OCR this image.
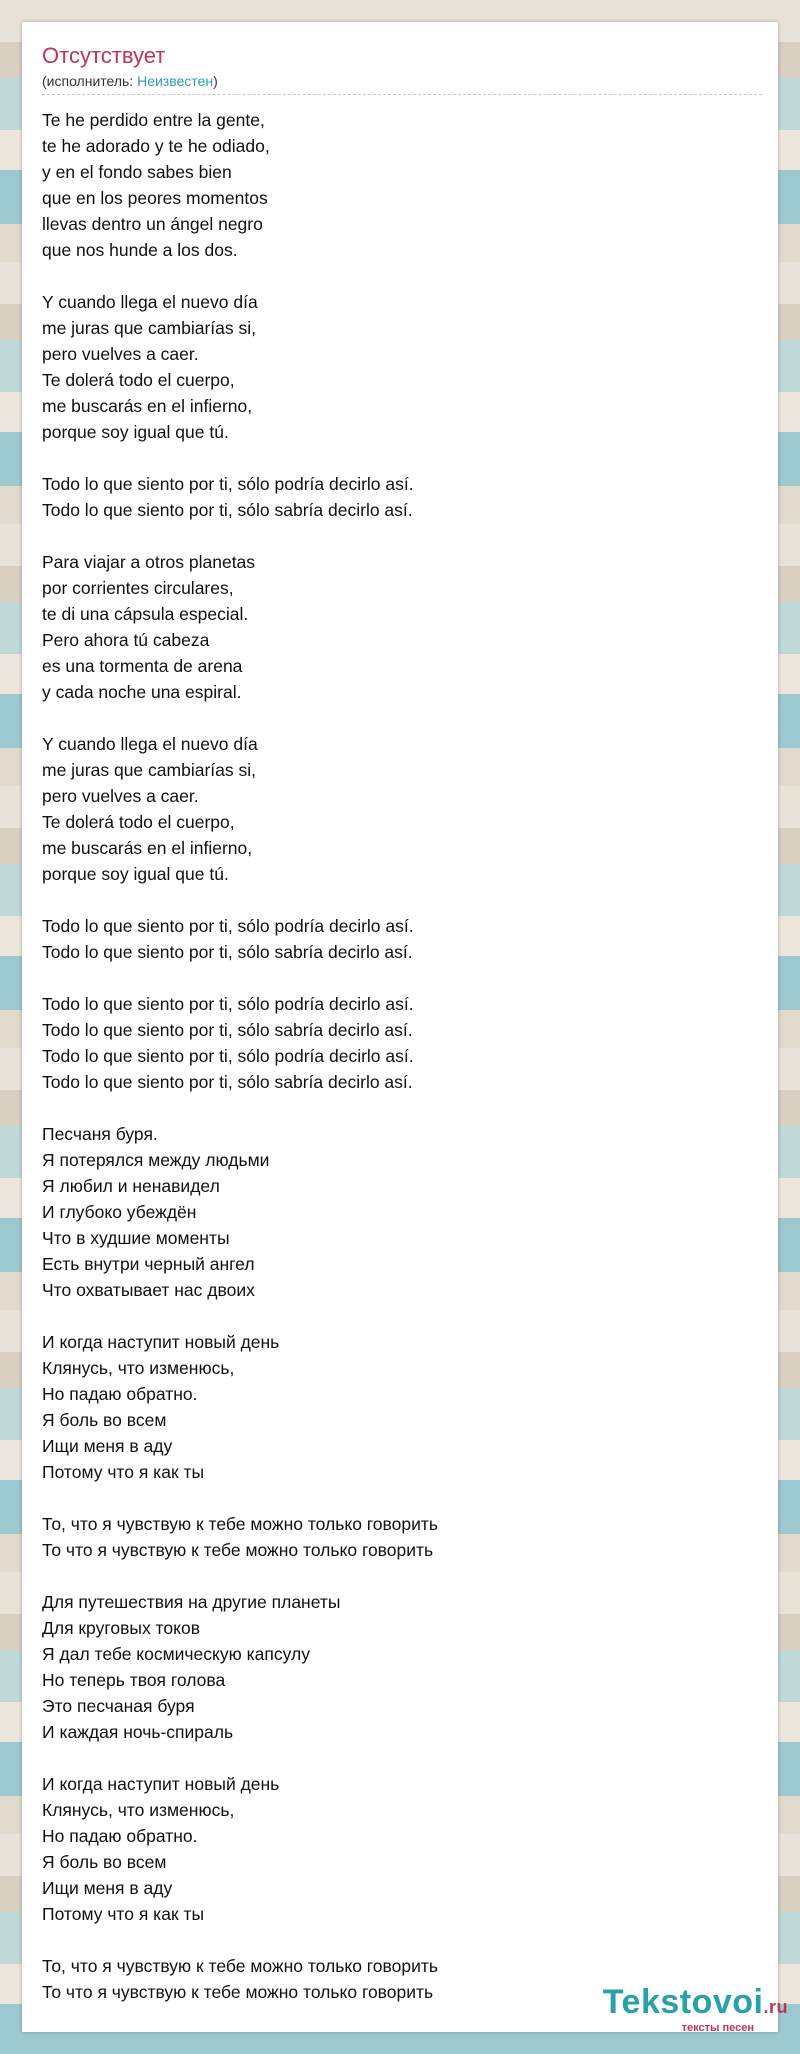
Отсутствует
(исполнитель: Неизвестен)
Te he perdido entre la gente,
te he adorado y te he odiado,
y en el fondo sabes bien
que en los peores momentos
llevas dentro un ángel negro
que nos hunde a los dos.
Y cuando llega el nuevo día
me juras que cambiarías si,
pero vuelves a caer.
Te dolerá todo el cuerpo,
me buscarás en el infierno,
porque soy igual que tú.
Todo lo que siento por ti, sólo podría decirlo así.
Todo lo que siento por ti, sólo sabría decirlo así.
Para viajar a otros planetas
por corrientes circulares,
te di una cápsula especial.
Pero ahora tú cabeza
es una tormenta de arena
y cada noche una espiral.
Y cuando llega el nuevo día
me juras que cambiarías si,
pero vuelves a caer.
Te dolerá todo el cuerpo,
me buscarás en el infierno,
porque soy igual que tú.
Todo lo que siento por ti, sólo podría decirlo así.
Todo lo que siento por ti, sólo sabría decirlo así.
Todo lo que siento por ti, sólo podría decirlo así.
Todo lo que siento por ti, sólo sabría decirlo así.
Todo lo que siento por ti, sólo podría decirlo así.
Todo lo que siento por ti, sólo sabría decirlo así.
Песчаня буря.
Я потерялся между людьми
Я любил и ненавидел
И глубоко убеждён
Что в худшие моменты
Есть внутри черный ангел
Что охватывает нас двоих
И когда наступит новый день
Клянусь, что изменюсь,
Но падаю обратно.
Я боль во всем
Ищи меня в аду
Потому что я как ты
То, что я чувствую к тебе можно только говорить
То что я чувствую к тебе можно только говорить
Для путешествия на другие планеты
Для круговых токов
Я дал тебе космическую капсулу
Но теперь твоя голова
Это песчаная буря
И каждая ночь-спираль
И когда наступит новый день
Клянусь, что изменюсь,
Но падаю обратно.
Я боль во всем
Ищи меня в аду
Потому что я как ты
То, что я чувствую к тебе можно только говорить
То что я чувствую к тебе можно только говорить	Tekstovoi.ru
тексты песен
